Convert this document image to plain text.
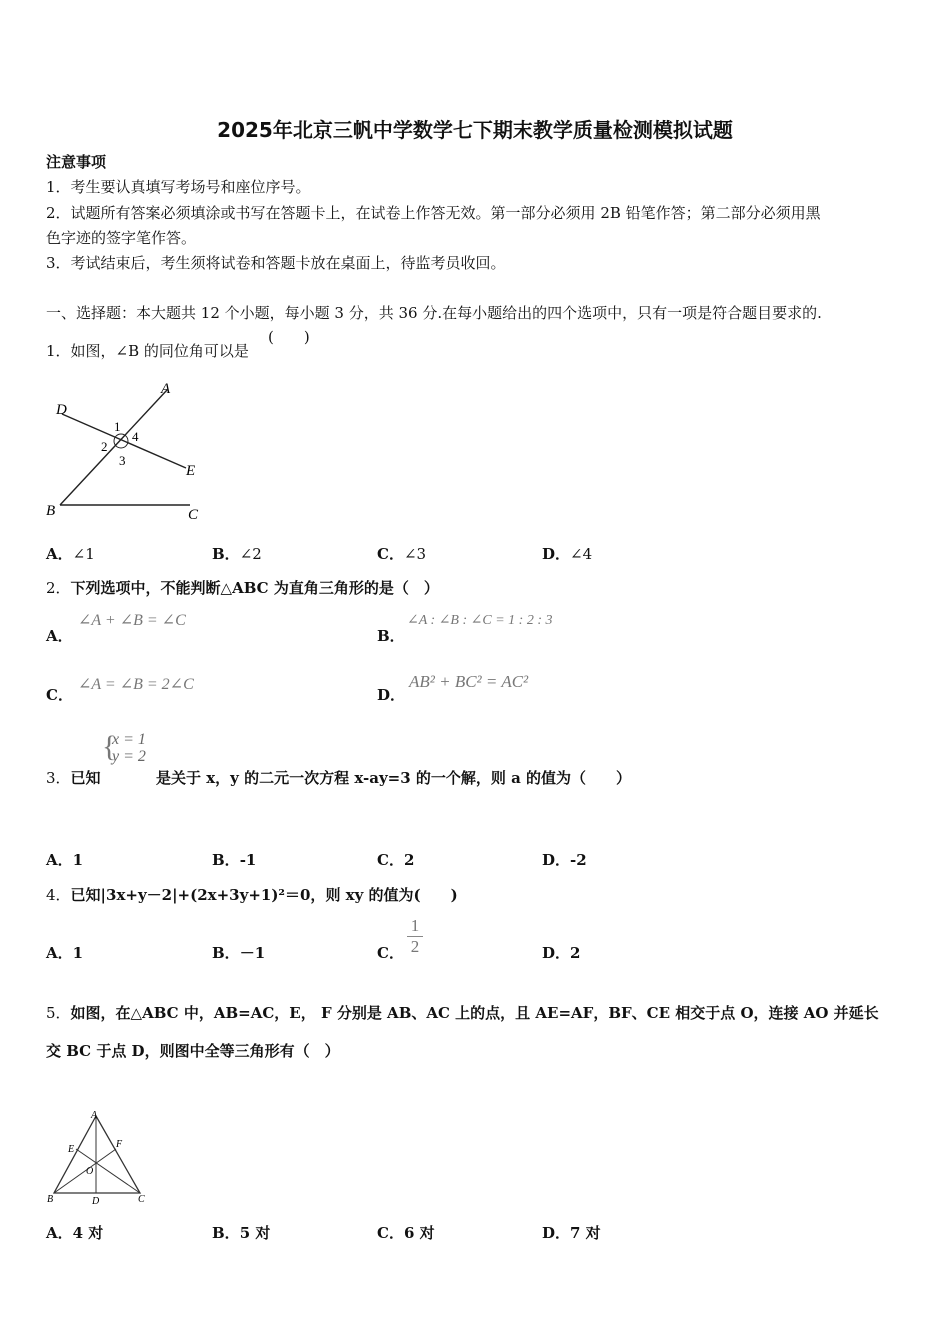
2025年北京三帆中学数学七下期末教学质量检测模拟试题
注意事项
1．考生要认真填写考场号和座位序号。
2．试题所有答案必须填涂或书写在答题卡上，在试卷上作答无效。第一部分必须用 2B 铅笔作答；第二部分必须用黑
色字迹的签字笔作答。
3．考试结束后，考生须将试卷和答题卡放在桌面上，待监考员收回。
一、选择题：本大题共 12 个小题，每小题 3 分，共 36 分.在每小题给出的四个选项中，只有一项是符合题目要求的.
1．如图，∠B 的同位角可以是
(　　)
A
B	C
D
E
1
2
3
4
A．∠1	B．∠2	C．∠3	D．∠4
2．下列选项中，不能判断△ABC 为直角三角形的是（　）
A．
∠A + ∠B = ∠C
B．
∠A : ∠B : ∠C = 1 : 2 : 3
C．
∠A = ∠B = 2∠C
D．
AB² + BC² = AC²
3．已知
{
x = 1
y = 2
是关于 x，y 的二元一次方程 x-ay=3 的一个解，则 a 的值为（　　）
A．1	B．-1	C．2	D．-2
4．已知|3x+y－2|+(2x+3y+1)²＝0，则 xy 的值为(　　)
A．1	B．－1	C．
1
2	D．2
5．如图，在△ABC 中，AB=AC，E， F 分别是 AB、AC 上的点，且 AE=AF，BF、CE 相交于点 O，连接 AO 并延长
交 BC 于点 D，则图中全等三角形有（　）
A
B	C
D
E	F
O
A．4 对	B．5 对	C．6 对	D．7 对
